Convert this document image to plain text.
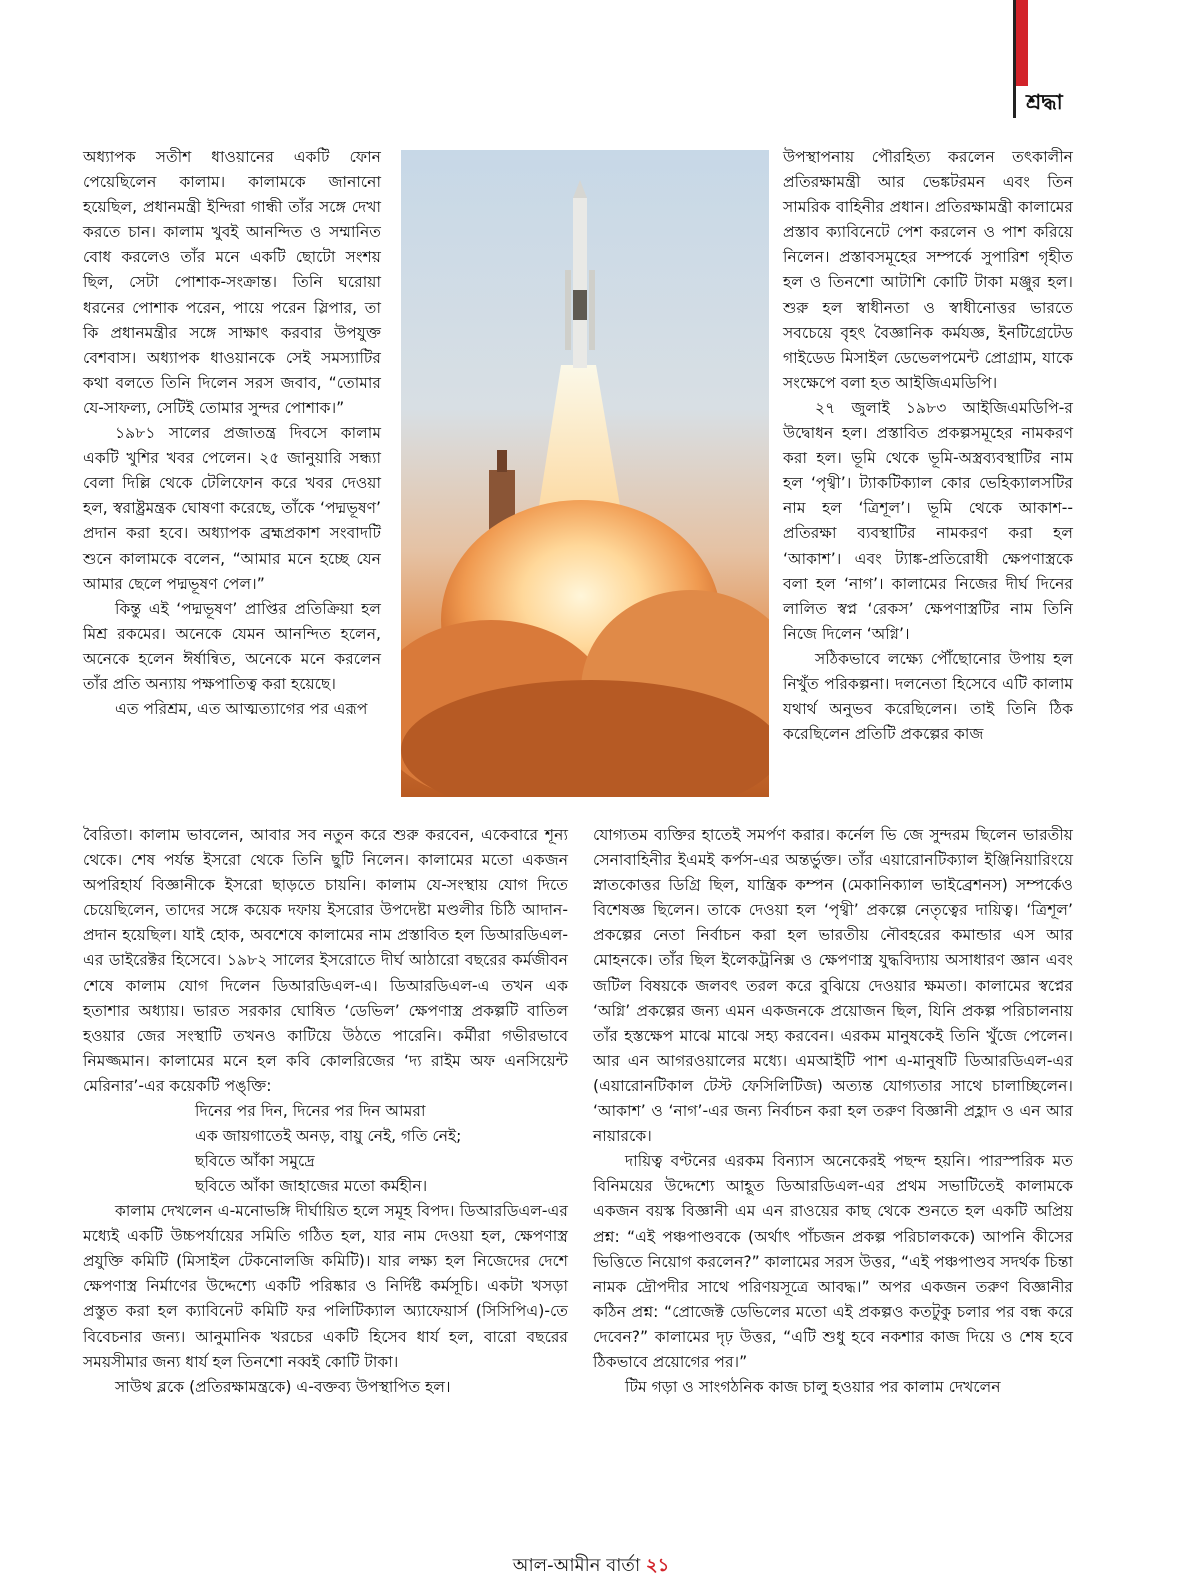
শ্রদ্ধা

অধ্যাপক সতীশ ধাওয়ানের একটি ফোন পেয়েছিলেন কালাম। কালামকে জানানো হয়েছিল, প্রধানমন্ত্রী ইন্দিরা গান্ধী তাঁর সঙ্গে দেখা করতে চান। কালাম খুবই আনন্দিত ও সম্মানিত বোধ করলেও তাঁর মনে একটি ছোটো সংশয় ছিল, সেটা পোশাক-সংক্রান্ত। তিনি ঘরোয়া ধরনের পোশাক পরেন, পায়ে পরেন স্লিপার, তা কি প্রধানমন্ত্রীর সঙ্গে সাক্ষাৎ করবার উপযুক্ত বেশবাস। অধ্যাপক ধাওয়ানকে সেই সমস্যাটির কথা বলতে তিনি দিলেন সরস জবাব, “তোমার যে-সাফল্য, সেটিই তোমার সুন্দর পোশাক।”

১৯৮১ সালের প্রজাতন্ত্র দিবসে কালাম একটি খুশির খবর পেলেন। ২৫ জানুয়ারি সন্ধ্যা বেলা দিল্লি থেকে টেলিফোন করে খবর দেওয়া হল, স্বরাষ্ট্রমন্ত্রক ঘোষণা করেছে, তাঁকে ‘পদ্মভূষণ’ প্রদান করা হবে। অধ্যাপক ব্রহ্মপ্রকাশ সংবাদটি শুনে কালামকে বলেন, “আমার মনে হচ্ছে যেন আমার ছেলে পদ্মভূষণ পেল।”

কিন্তু এই ‘পদ্মভূষণ’ প্রাপ্তির প্রতিক্রিয়া হল মিশ্র রকমের। অনেকে যেমন আনন্দিত হলেন, অনেকে হলেন ঈর্ষান্বিত, অনেকে মনে করলেন তাঁর প্রতি অন্যায় পক্ষপাতিত্ব করা হয়েছে।

এত পরিশ্রম, এত আত্মত্যাগের পর এরূপ

উপস্থাপনায় পৌরহিত্য করলেন তৎকালীন প্রতিরক্ষামন্ত্রী আর ভেঙ্কটরমন এবং তিন সামরিক বাহিনীর প্রধান। প্রতিরক্ষামন্ত্রী কালামের প্রস্তাব ক্যাবিনেটে পেশ করলেন ও পাশ করিয়ে নিলেন। প্রস্তাবসমূহের সম্পর্কে সুপারিশ গৃহীত হল ও তিনশো আটাশি কোটি টাকা মঞ্জুর হল। শুরু হল স্বাধীনতা ও স্বাধীনোত্তর ভারতে সবচেয়ে বৃহৎ বৈজ্ঞানিক কর্মযজ্ঞ, ইনটিগ্রেটেড গাইডেড মিসাইল ডেভেলপমেন্ট প্রোগ্রাম, যাকে সংক্ষেপে বলা হত আইজিএমডিপি।

২৭ জুলাই ১৯৮৩ আইজিএমডিপি-র উদ্বোধন হল। প্রস্তাবিত প্রকল্পসমূহের নামকরণ করা হল। ভূমি থেকে ভূমি-অস্ত্রব্যবস্থাটির নাম হল ‘পৃথ্বী’। ট্যাকটিক্যাল কোর ভেহিক্যালসটির নাম হল ‘ত্রিশূল’। ভূমি থেকে আকাশ-- প্রতিরক্ষা ব্যবস্থাটির নামকরণ করা হল ‘আকাশ’। এবং ট্যাঙ্ক-প্রতিরোধী ক্ষেপণাস্ত্রকে বলা হল ‘নাগ’। কালামের নিজের দীর্ঘ দিনের লালিত স্বপ্ন ‘রেকস’ ক্ষেপণাস্ত্রটির নাম তিনি নিজে দিলেন ‘অগ্নি’।

সঠিকভাবে লক্ষ্যে পৌঁছোনোর উপায় হল নিখুঁত পরিকল্পনা। দলনেতা হিসেবে এটি কালাম যথার্থ অনুভব করেছিলেন। তাই তিনি ঠিক করেছিলেন প্রতিটি প্রকল্পের কাজ

বৈরিতা। কালাম ভাবলেন, আবার সব নতুন করে শুরু করবেন, একেবারে শূন্য থেকে। শেষ পর্যন্ত ইসরো থেকে তিনি ছুটি নিলেন। কালামের মতো একজন অপরিহার্য বিজ্ঞানীকে ইসরো ছাড়তে চায়নি। কালাম যে-সংস্থায় যোগ দিতে চেয়েছিলেন, তাদের সঙ্গে কয়েক দফায় ইসরোর উপদেষ্টা মণ্ডলীর চিঠি আদান-প্রদান হয়েছিল। যাই হোক, অবশেষে কালামের নাম প্রস্তাবিত হল ডিআরডিএল-এর ডাইরেক্টর হিসেবে। ১৯৮২ সালের ইসরোতে দীর্ঘ আঠারো বছরের কর্মজীবন শেষে কালাম যোগ দিলেন ডিআরডিএল-এ। ডিআরডিএল-এ তখন এক হতাশার অধ্যায়। ভারত সরকার ঘোষিত ‘ডেভিল’ ক্ষেপণাস্ত্র প্রকল্পটি বাতিল হওয়ার জের সংস্থাটি তখনও কাটিয়ে উঠতে পারেনি। কর্মীরা গভীরভাবে নিমজ্জমান। কালামের মনে হল কবি কোলরিজের ‘দ্য রাইম অফ এনসিয়েন্ট মেরিনার’-এর কয়েকটি পঙ্‌ক্তি:

দিনের পর দিন, দিনের পর দিন আমরা
এক জায়গাতেই অনড়, বায়ু নেই, গতি নেই;
ছবিতে আঁকা সমুদ্রে
ছবিতে আঁকা জাহাজের মতো কর্মহীন।

কালাম দেখলেন এ-মনোভঙ্গি দীর্ঘায়িত হলে সমূহ বিপদ। ডিআরডিএল-এর মধ্যেই একটি উচ্চপর্যায়ের সমিতি গঠিত হল, যার নাম দেওয়া হল, ক্ষেপণাস্ত্র প্রযুক্তি কমিটি (মিসাইল টেকনোলজি কমিটি)। যার লক্ষ্য হল নিজেদের দেশে ক্ষেপণাস্ত্র নির্মাণের উদ্দেশ্যে একটি পরিষ্কার ও নির্দিষ্ট কর্মসূচি। একটা খসড়া প্রস্তুত করা হল ক্যাবিনেট কমিটি ফর পলিটিক্যাল অ্যাফেয়ার্স (সিসিপিএ)-তে বিবেচনার জন্য। আনুমানিক খরচের একটি হিসেব ধার্য হল, বারো বছরের সময়সীমার জন্য ধার্য হল তিনশো নব্বই কোটি টাকা।

সাউথ ব্লকে (প্রতিরক্ষামন্ত্রকে) এ-বক্তব্য উপস্থাপিত হল।

যোগ্যতম ব্যক্তির হাতেই সমর্পণ করার। কর্নেল ভি জে সুন্দরম ছিলেন ভারতীয় সেনাবাহিনীর ইএমই কর্পস-এর অন্তর্ভুক্ত। তাঁর এয়ারোনটিক্যাল ইঞ্জিনিয়ারিংয়ে স্নাতকোত্তর ডিগ্রি ছিল, যান্ত্রিক কম্পন (মেকানিক্যাল ভাইব্রেশনস) সম্পর্কেও বিশেষজ্ঞ ছিলেন। তাকে দেওয়া হল ‘পৃথ্বী’ প্রকল্পে নেতৃত্বের দায়িত্ব। ‘ত্রিশূল’ প্রকল্পের নেতা নির্বাচন করা হল ভারতীয় নৌবহরের কমান্ডার এস আর মোহনকে। তাঁর ছিল ইলেকট্রনিক্স ও ক্ষেপণাস্ত্র যুদ্ধবিদ্যায় অসাধারণ জ্ঞান এবং জটিল বিষয়কে জলবৎ তরল করে বুঝিয়ে দেওয়ার ক্ষমতা। কালামের স্বপ্নের ‘অগ্নি’ প্রকল্পের জন্য এমন একজনকে প্রয়োজন ছিল, যিনি প্রকল্প পরিচালনায় তাঁর হস্তক্ষেপ মাঝে মাঝে সহ্য করবেন। এরকম মানুষকেই তিনি খুঁজে পেলেন। আর এন আগরওয়ালের মধ্যে। এমআইটি পাশ এ-মানুষটি ডিআরডিএল-এর (এয়ারোনটিকাল টেস্ট ফেসিলিটিজ) অত্যন্ত যোগ্যতার সাথে চালাচ্ছিলেন। ‘আকাশ’ ও ‘নাগ’-এর জন্য নির্বাচন করা হল তরুণ বিজ্ঞানী প্রহ্লাদ ও এন আর নায়ারকে।

দায়িত্ব বণ্টনের এরকম বিন্যাস অনেকেরই পছন্দ হয়নি। পারস্পরিক মত বিনিময়ের উদ্দেশ্যে আহূত ডিআরডিএল-এর প্রথম সভাটিতেই কালামকে একজন বয়স্ক বিজ্ঞানী এম এন রাওয়ের কাছ থেকে শুনতে হল একটি অপ্রিয় প্রশ্ন: “এই পঞ্চপাণ্ডবকে (অর্থাৎ পাঁচজন প্রকল্প পরিচালককে) আপনি কীসের ভিত্তিতে নিয়োগ করলেন?” কালামের সরস উত্তর, “এই পঞ্চপাণ্ডব সদর্থক চিন্তা নামক দ্রৌপদীর সাথে পরিণয়সূত্রে আবদ্ধ।” অপর একজন তরুণ বিজ্ঞানীর কঠিন প্রশ্ন: “প্রোজেক্ট ডেভিলের মতো এই প্রকল্পও কতটুকু চলার পর বন্ধ করে দেবেন?” কালামের দৃঢ় উত্তর, “এটি শুধু হবে নকশার কাজ দিয়ে ও শেষ হবে ঠিকভাবে প্রয়োগের পর।”

টিম গড়া ও সাংগঠনিক কাজ চালু হওয়ার পর কালাম দেখলেন

আল-আমীন বার্তা ২১
